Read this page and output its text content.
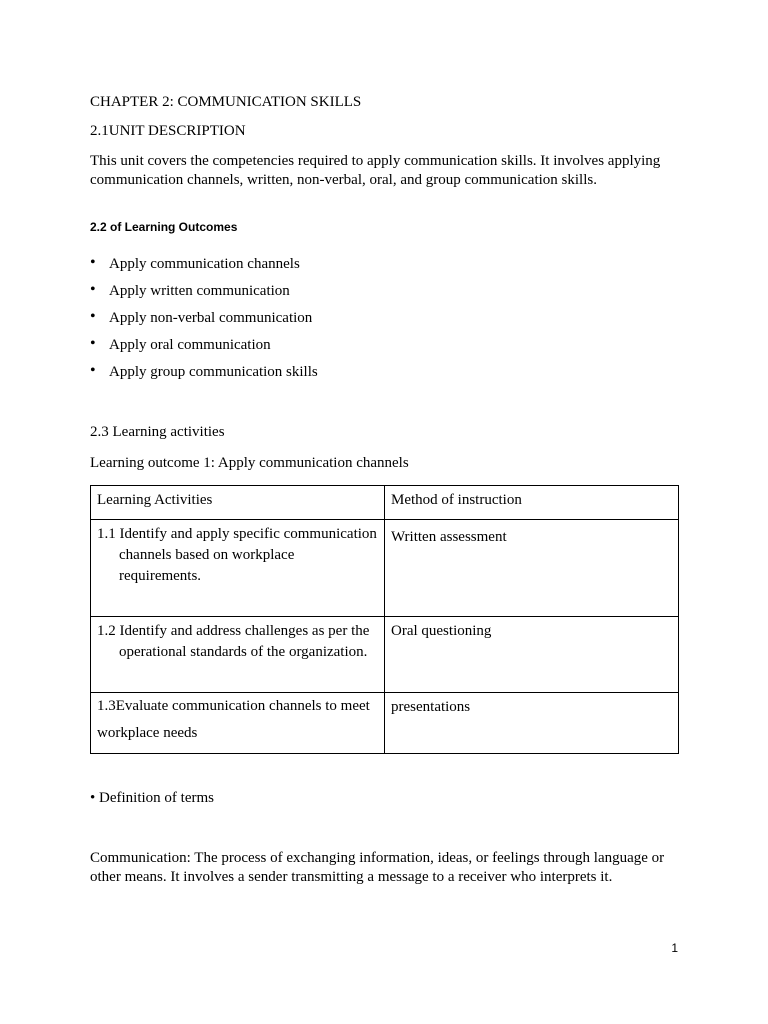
CHAPTER 2: COMMUNICATION SKILLS

2.1UNIT DESCRIPTION

This unit covers the competencies required to apply communication skills. It involves applying communication channels, written, non-verbal, oral, and group communication skills.

2.2 of Learning Outcomes

• Apply communication channels
• Apply written communication
• Apply non-verbal communication
• Apply oral communication
• Apply group communication skills

2.3 Learning activities

Learning outcome 1: Apply communication channels

Learning Activities	Method of instruction

1.1 Identify and apply specific communication channels based on workplace requirements.	Written assessment

1.2 Identify and address challenges as per the operational standards of the organization.	Oral questioning

1.3Evaluate communication channels to meet workplace needs	presentations

• Definition of terms

Communication: The process of exchanging information, ideas, or feelings through language or other means. It involves a sender transmitting a message to a receiver who interprets it.

1
